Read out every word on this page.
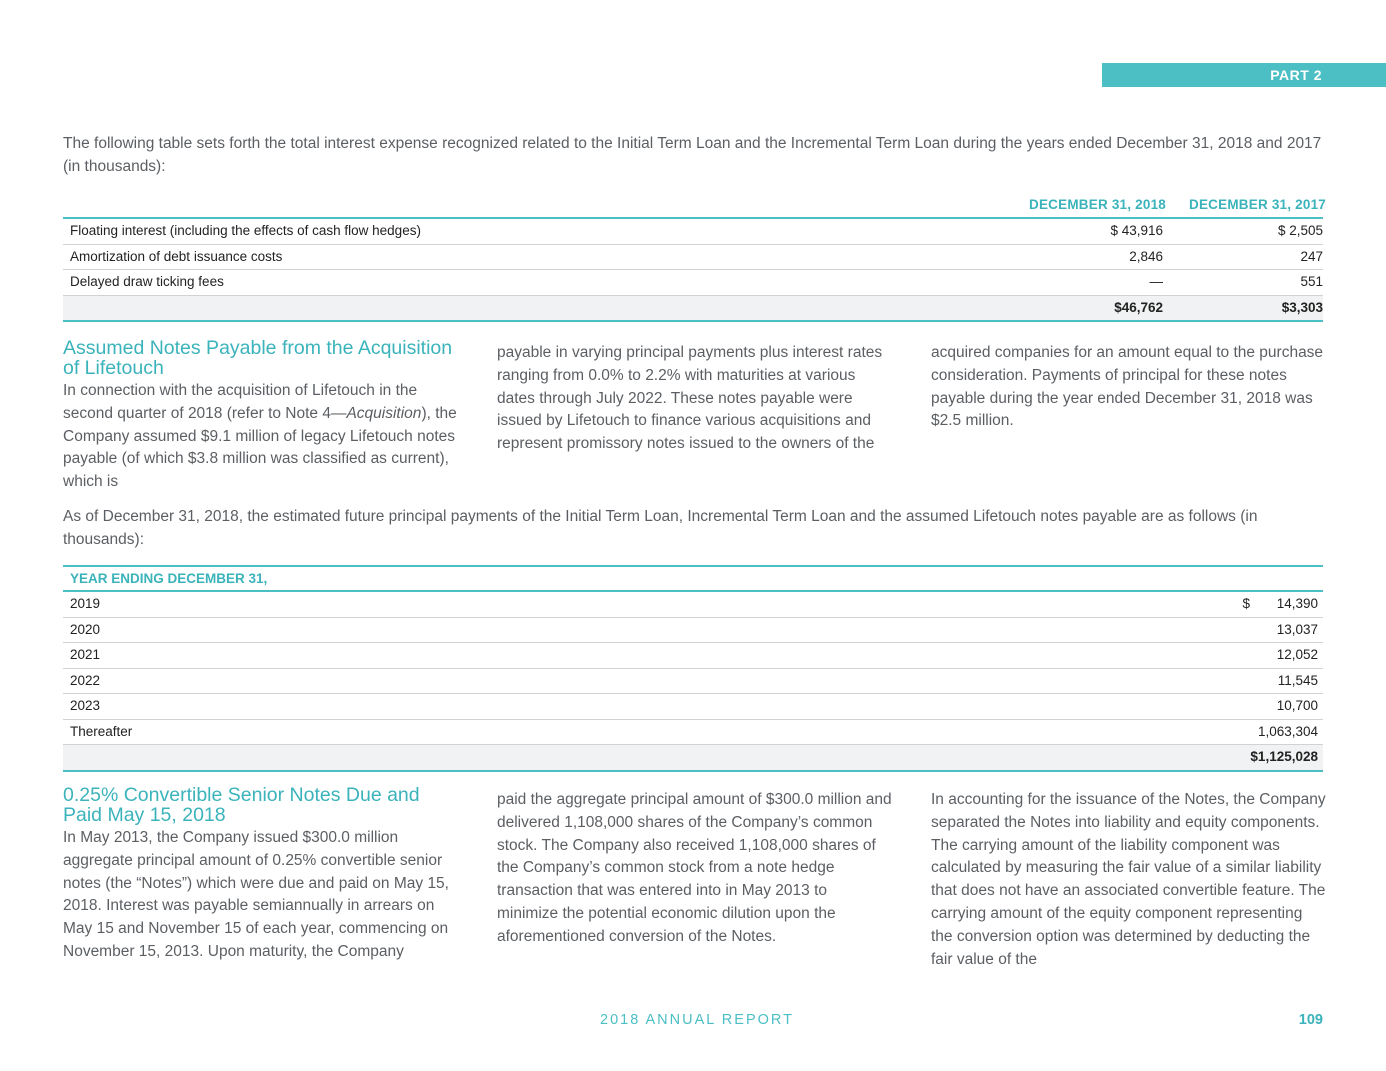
PART 2
The following table sets forth the total interest expense recognized related to the Initial Term Loan and the Incremental Term Loan during the years ended December 31, 2018 and 2017 (in thousands):
DECEMBER 31, 2018 DECEMBER 31, 2017
Floating interest (including the effects of cash flow hedges)	$ 43,916	$ 2,505
Amortization of debt issuance costs	2,846	247
Delayed draw ticking fees	—	551
$46,762	$3,303
Assumed Notes Payable from the Acquisition of Lifetouch
In connection with the acquisition of Lifetouch in the second quarter of 2018 (refer to Note 4—Acquisition), the Company assumed $9.1 million of legacy Lifetouch notes payable (of which $3.8 million was classified as current), which is
payable in varying principal payments plus interest rates ranging from 0.0% to 2.2% with maturities at various dates through July 2022. These notes payable were issued by Lifetouch to finance various acquisitions and represent promissory notes issued to the owners of the
acquired companies for an amount equal to the purchase consideration. Payments of principal for these notes payable during the year ended December 31, 2018 was $2.5 million.
As of December 31, 2018, the estimated future principal payments of the Initial Term Loan, Incremental Term Loan and the assumed Lifetouch notes payable are as follows (in thousands):
YEAR ENDING DECEMBER 31,
2019	$ 14,390
2020	13,037
2021	12,052
2022	11,545
2023	10,700
Thereafter	1,063,304
$1,125,028
0.25% Convertible Senior Notes Due and Paid May 15, 2018
In May 2013, the Company issued $300.0 million aggregate principal amount of 0.25% convertible senior notes (the “Notes”) which were due and paid on May 15, 2018. Interest was payable semiannually in arrears on May 15 and November 15 of each year, commencing on November 15, 2013. Upon maturity, the Company
paid the aggregate principal amount of $300.0 million and delivered 1,108,000 shares of the Company’s common stock. The Company also received 1,108,000 shares of the Company’s common stock from a note hedge transaction that was entered into in May 2013 to minimize the potential economic dilution upon the aforementioned conversion of the Notes.
In accounting for the issuance of the Notes, the Company separated the Notes into liability and equity components. The carrying amount of the liability component was calculated by measuring the fair value of a similar liability that does not have an associated convertible feature. The carrying amount of the equity component representing the conversion option was determined by deducting the fair value of the
2018 ANNUAL REPORT	109
